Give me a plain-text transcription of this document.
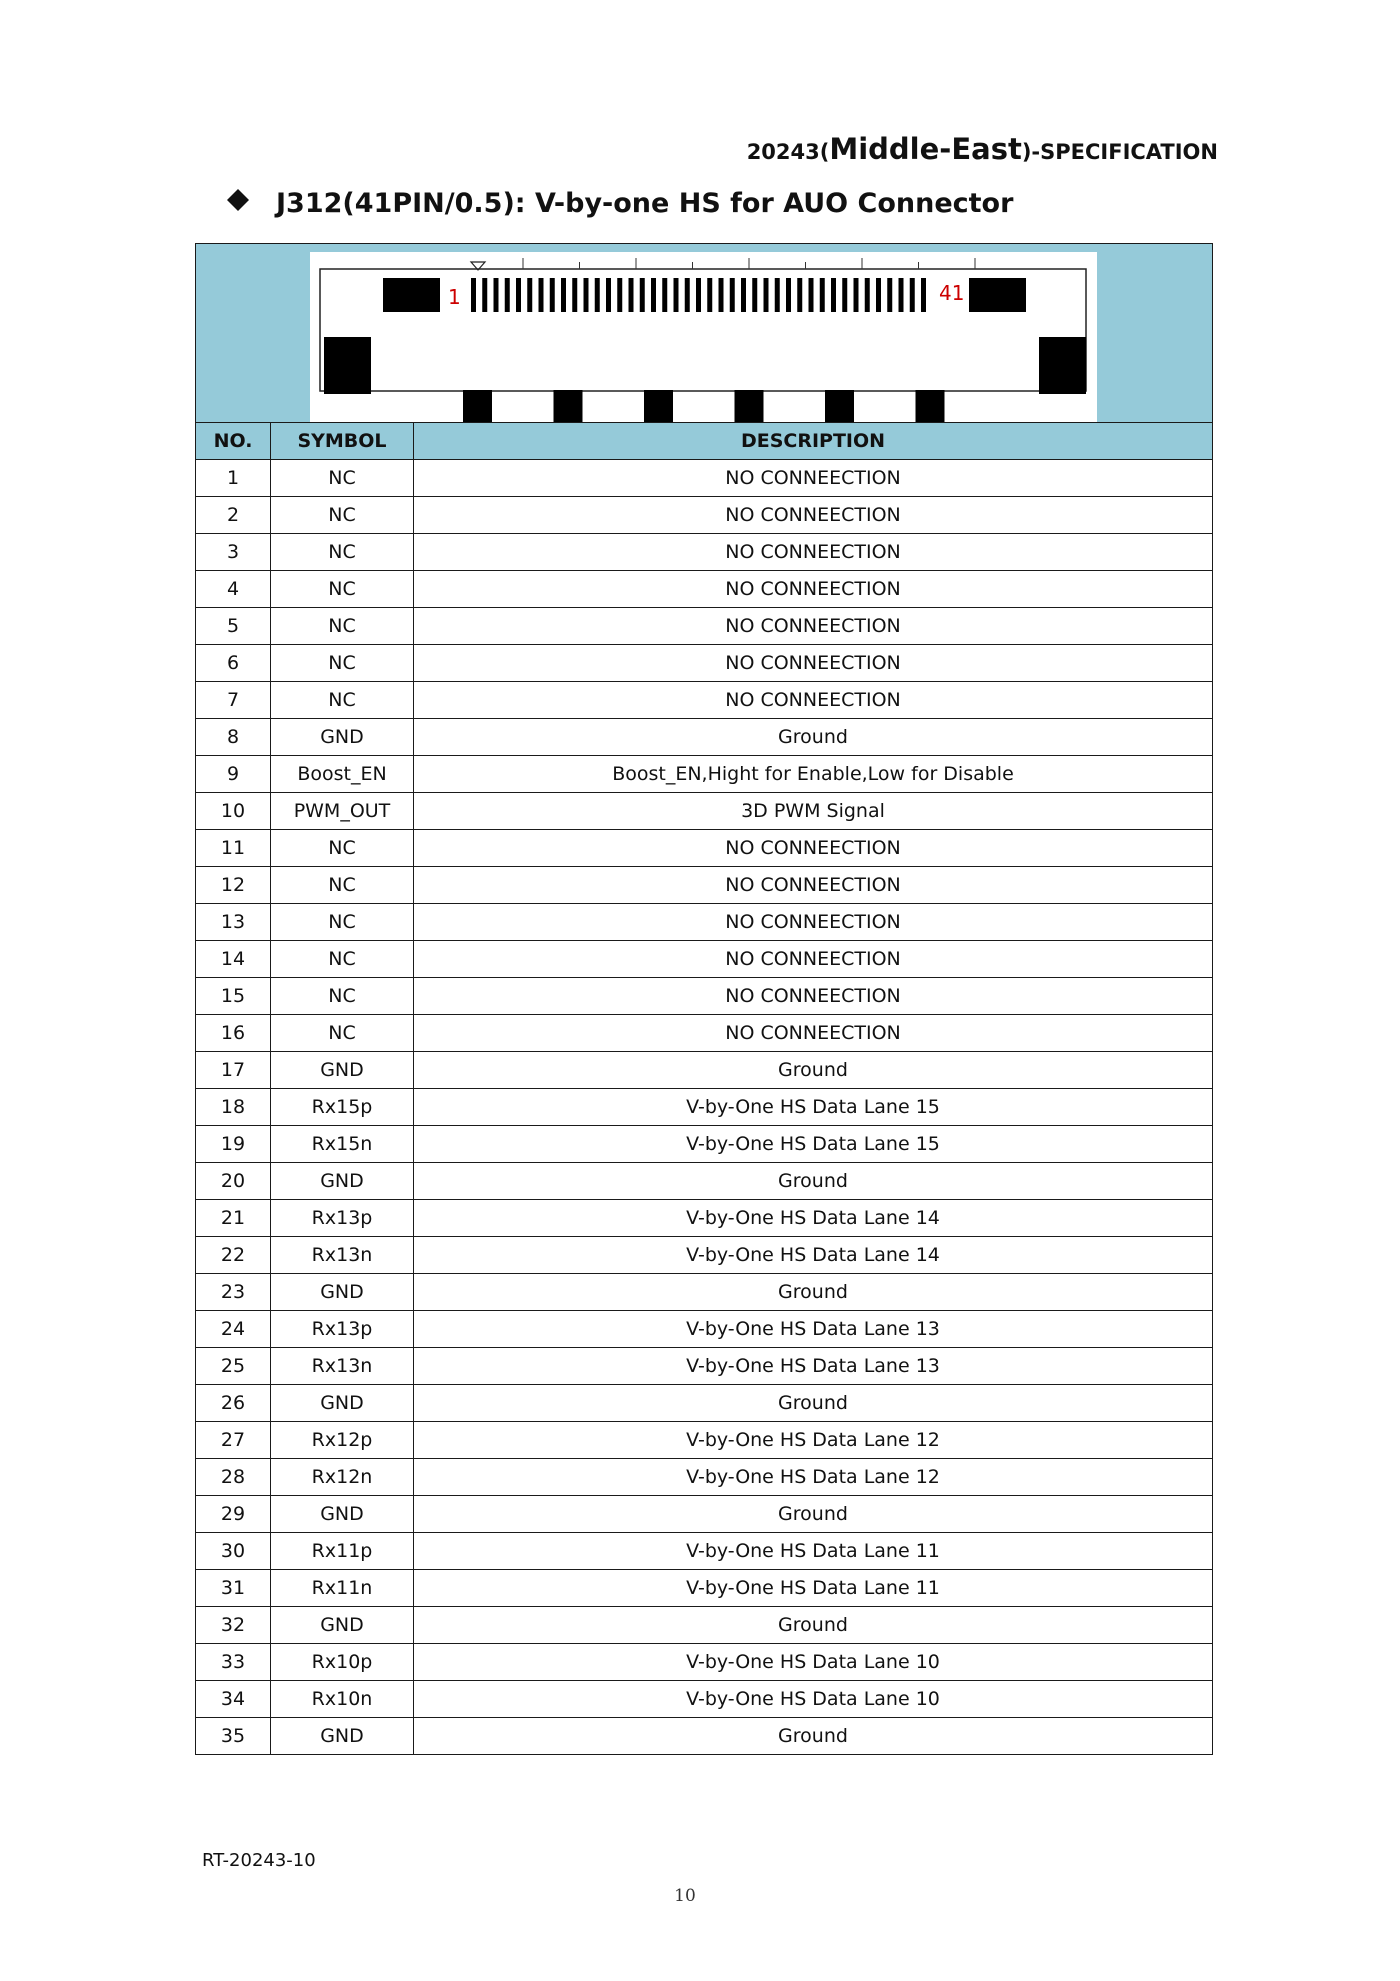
20243(Middle-East)-SPECIFICATION
J312(41PIN/0.5): V-by-one HS for AUO Connector
1 41		

NO.	SYMBOL	DESCRIPTION
1	NC	NO CONNEECTION
2	NC	NO CONNEECTION
3	NC	NO CONNEECTION
4	NC	NO CONNEECTION
5	NC	NO CONNEECTION
6	NC	NO CONNEECTION
7	NC	NO CONNEECTION
8	GND	Ground
9	Boost_EN	Boost_EN,Hight for Enable,Low for Disable
10	PWM_OUT	3D PWM Signal
11	NC	NO CONNEECTION
12	NC	NO CONNEECTION
13	NC	NO CONNEECTION
14	NC	NO CONNEECTION
15	NC	NO CONNEECTION
16	NC	NO CONNEECTION
17	GND	Ground
18	Rx15p	V-by-One HS Data Lane 15
19	Rx15n	V-by-One HS Data Lane 15
20	GND	Ground
21	Rx13p	V-by-One HS Data Lane 14
22	Rx13n	V-by-One HS Data Lane 14
23	GND	Ground
24	Rx13p	V-by-One HS Data Lane 13
25	Rx13n	V-by-One HS Data Lane 13
26	GND	Ground
27	Rx12p	V-by-One HS Data Lane 12
28	Rx12n	V-by-One HS Data Lane 12
29	GND	Ground
30	Rx11p	V-by-One HS Data Lane 11
31	Rx11n	V-by-One HS Data Lane 11
32	GND	Ground
33	Rx10p	V-by-One HS Data Lane 10
34	Rx10n	V-by-One HS Data Lane 10
35	GND	Ground
RT-20243-10
10
